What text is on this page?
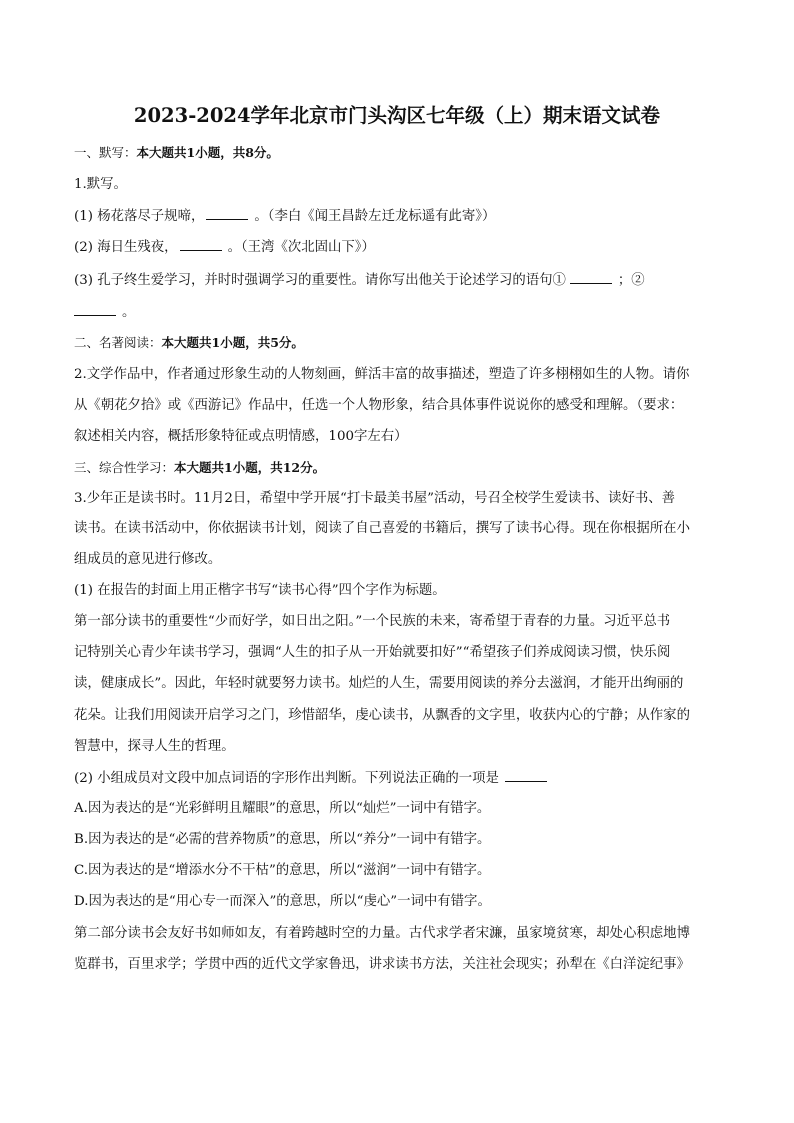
2023-2024学年北京市门头沟区七年级（上）期末语文试卷
一、默写：本大题共1小题，共8分。
1.默写。
(1) 杨花落尽子规啼，	。（李白《闻王昌龄左迁龙标遥有此寄》）
(2) 海日生残夜，	。（王湾《次北固山下》）
(3) 孔子终生爱学习，并时时强调学习的重要性。请你写出他关于论述学习的语句①	；②
。
二、名著阅读：本大题共1小题，共5分。
2.文学作品中，作者通过形象生动的人物刻画，鲜活丰富的故事描述，塑造了许多栩栩如生的人物。请你
从《朝花夕拾》或《西游记》作品中，任选一个人物形象，结合具体事件说说你的感受和理解。（要求：
叙述相关内容，概括形象特征或点明情感，100字左右）
三、综合性学习：本大题共1小题，共12分。
3.少年正是读书时。11月2日，希望中学开展“打卡最美书屋”活动，号召全校学生爱读书、读好书、善
读书。在读书活动中，你依据读书计划，阅读了自己喜爱的书籍后，撰写了读书心得。现在你根据所在小
组成员的意见进行修改。
(1) 在报告的封面上用正楷字书写“读书心得”四个字作为标题。
第一部分读书的重要性“少而好学，如日出之阳。”一个民族的未来，寄希望于青春的力量。习近平总书
记特别关心青少年读书学习，强调“人生的扣子从一开始就要扣好”“希望孩子们养成阅读习惯，快乐阅
读，健康成长”。因此，年轻时就要努力读书。灿烂的人生，需要用阅读的养分去滋润，才能开出绚丽的
花朵。让我们用阅读开启学习之门，珍惜韶华，虔心读书，从飘香的文字里，收获内心的宁静；从作家的
智慧中，探寻人生的哲理。
(2) 小组成员对文段中加点词语的字形作出判断。下列说法正确的一项是
A.因为表达的是“光彩鲜明且耀眼”的意思，所以“灿烂”一词中有错字。
B.因为表达的是“必需的营养物质”的意思，所以“养分”一词中有错字。
C.因为表达的是“增添水分不干枯”的意思，所以“滋润”一词中有错字。
D.因为表达的是“用心专一而深入”的意思，所以“虔心”一词中有错字。
第二部分读书会友好书如师如友，有着跨越时空的力量。古代求学者宋濂，虽家境贫寒，却处心积虑地博
览群书，百里求学；学贯中西的近代文学家鲁迅，讲求读书方法，关注社会现实；孙犁在《白洋淀纪事》
